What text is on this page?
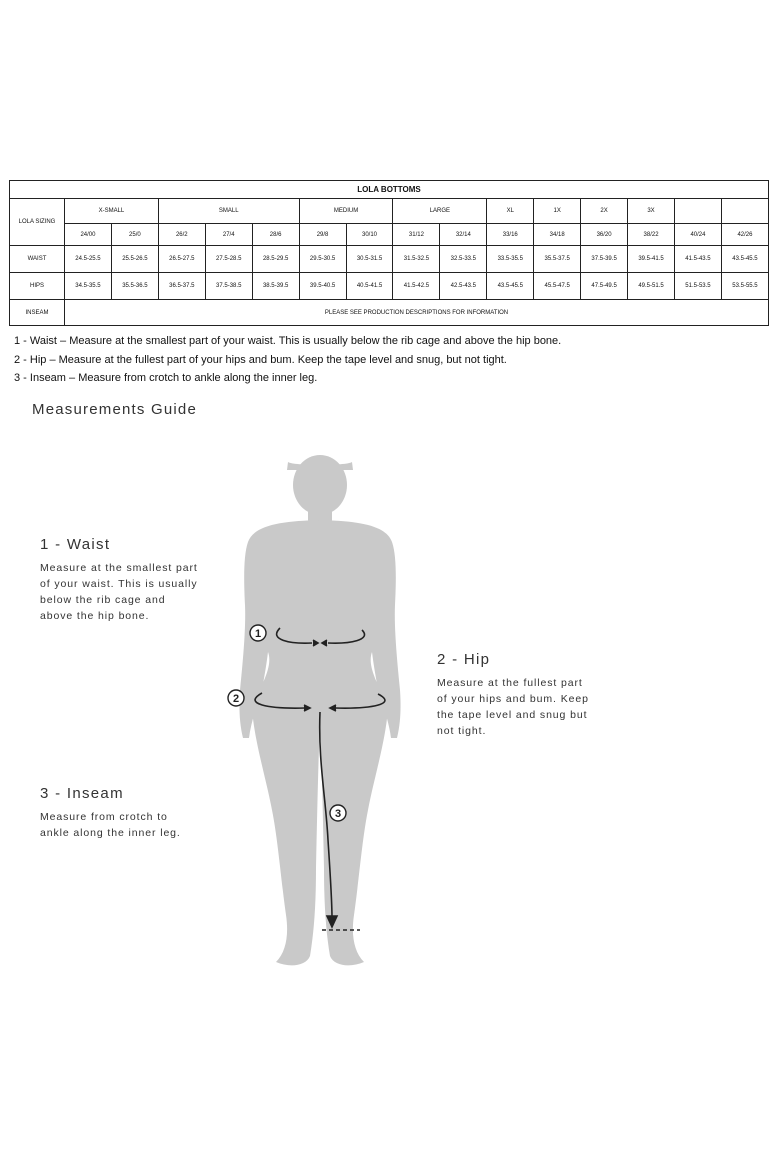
LOLA BOTTOMS															
LOLA SIZING	X-SMALL		SMALL			MEDIUM		LARGE		XL	1X	2X	3X		
	24/00	25/0	26/2	27/4	28/6	29/8	30/10	31/12	32/14	33/16	34/18	36/20	38/22	40/24	42/26
WAIST	24.5-25.5	25.5-26.5	26.5-27.5	27.5-28.5	28.5-29.5	29.5-30.5	30.5-31.5	31.5-32.5	32.5-33.5	33.5-35.5	35.5-37.5	37.5-39.5	39.5-41.5	41.5-43.5	43.5-45.5
HIPS	34.5-35.5	35.5-36.5	36.5-37.5	37.5-38.5	38.5-39.5	39.5-40.5	40.5-41.5	41.5-42.5	42.5-43.5	43.5-45.5	45.5-47.5	47.5-49.5	49.5-51.5	51.5-53.5	53.5-55.5
INSEAM	PLEASE SEE PRODUCTION DESCRIPTIONS FOR INFORMATION														
1 - Waist – Measure at the smallest part of your waist. This is usually below the rib cage and above the hip bone.
2 - Hip – Measure at the fullest part of your hips and bum. Keep the tape level and snug, but not tight.
3 - Inseam – Measure from crotch to ankle along the inner leg.
Measurements Guide
1 - Waist
Measure at the smallest part
of your waist. This is usually
below the rib cage and
above the hip bone.
2 - Hip
Measure at the fullest part
of your hips and bum. Keep
the tape level and snug but
not tight.
3 - Inseam
Measure from crotch to
ankle along the inner leg.
1
2
3
